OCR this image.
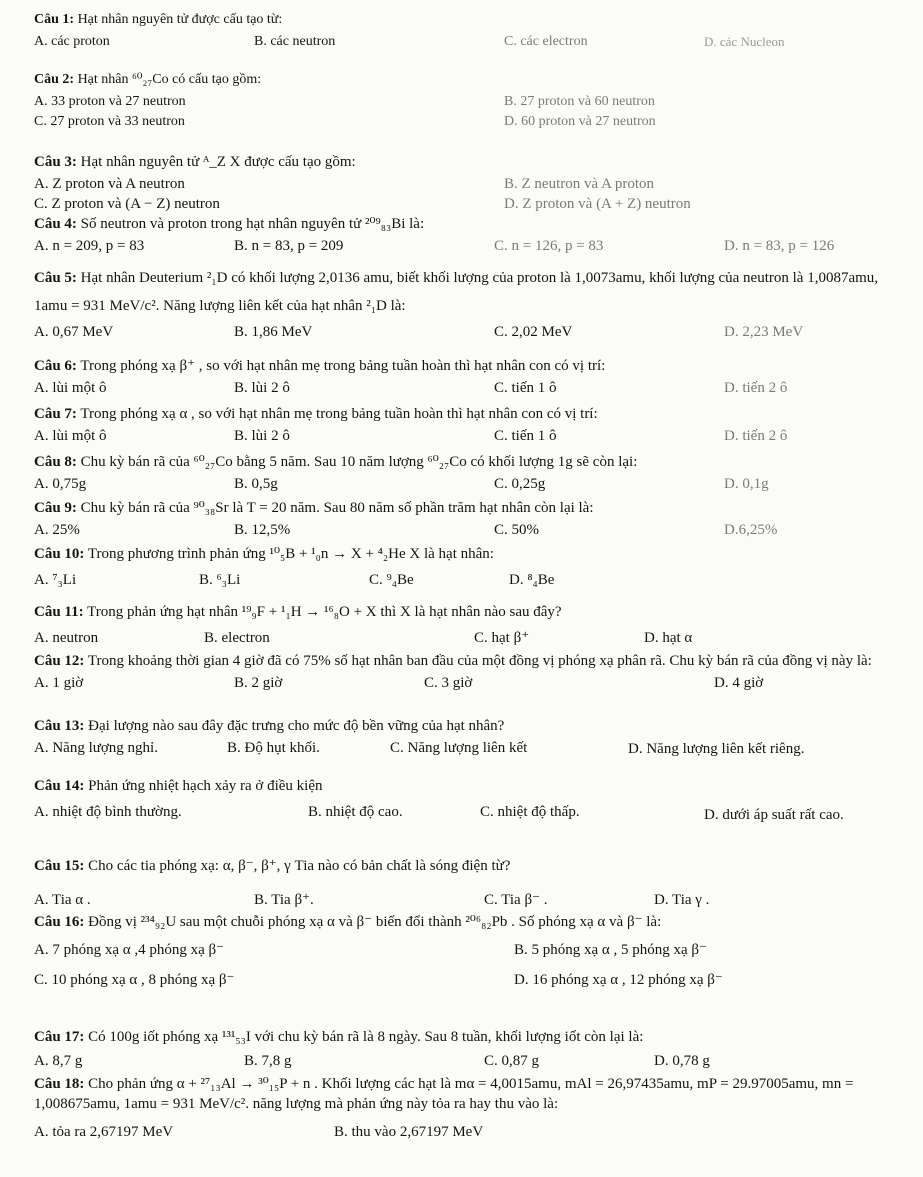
Câu 1: Hạt nhân nguyên tử được cấu tạo từ:
A. các proton	B. các neutron	C. các electron	D. các Nucleon
Câu 2: Hạt nhân ⁶⁰₂₇Co có cấu tạo gồm:
A. 33 proton và 27 neutron	B. 27 proton và 60 neutron
C. 27 proton và 33 neutron	D. 60 proton và 27 neutron
Câu 3: Hạt nhân nguyên tử ᴬ_Z X được cấu tạo gồm:
A. Z proton và A neutron	B. Z neutron và A proton
C. Z proton và (A − Z) neutron	D. Z proton và (A + Z) neutron
Câu 4: Số neutron và proton trong hạt nhân nguyên tử ²⁰⁹₈₃Bi là:
A. n = 209, p = 83	B. n = 83, p = 209	C. n = 126, p = 83	D. n = 83, p = 126
Câu 5: Hạt nhân Deuterium ²₁D có khối lượng 2,0136 amu, biết khối lượng của proton là 1,0073amu, khối lượng của neutron là 1,0087amu, 1amu = 931 MeV/c². Năng lượng liên kết của hạt nhân ²₁D là:
A. 0,67 MeV	B. 1,86 MeV	C. 2,02 MeV	D. 2,23 MeV
Câu 6: Trong phóng xạ β⁺ , so với hạt nhân mẹ trong bảng tuần hoàn thì hạt nhân con có vị trí:
A. lùi một ô	B. lùi 2 ô	C. tiến 1 ô	D. tiến 2 ô
Câu 7: Trong phóng xạ α , so với hạt nhân mẹ trong bảng tuần hoàn thì hạt nhân con có vị trí:
A. lùi một ô	B. lùi 2 ô	C. tiến 1 ô	D. tiến 2 ô
Câu 8: Chu kỳ bán rã của ⁶⁰₂₇Co bằng 5 năm. Sau 10 năm lượng ⁶⁰₂₇Co có khối lượng 1g sẽ còn lại:
A. 0,75g	B. 0,5g	C. 0,25g	D. 0,1g
Câu 9: Chu kỳ bán rã của ⁹⁰₃₈Sr là T = 20 năm. Sau 80 năm số phần trăm hạt nhân còn lại là:
A. 25%	B. 12,5%	C. 50%	D.6,25%
Câu 10: Trong phương trình phản ứng ¹⁰₅B + ¹₀n → X + ⁴₂He X là hạt nhân:
A. ⁷₃Li	B. ⁶₃Li	C. ⁹₄Be	D. ⁸₄Be
Câu 11: Trong phản ứng hạt nhân ¹⁹₉F + ¹₁H → ¹⁶₈O + X thì X là hạt nhân nào sau đây?
A. neutron	B. electron	C. hạt β⁺	D. hạt α
Câu 12: Trong khoảng thời gian 4 giờ đã có 75% số hạt nhân ban đầu của một đồng vị phóng xạ phân rã. Chu kỳ bán rã của đồng vị này là:
A. 1 giờ	B. 2 giờ	C. 3 giờ	D. 4 giờ
Câu 13: Đại lượng nào sau đây đặc trưng cho mức độ bền vững của hạt nhân?
A. Năng lượng nghỉ.	B. Độ hụt khối.	C. Năng lượng liên kết	D. Năng lượng liên kết riêng.
Câu 14: Phản ứng nhiệt hạch xảy ra ở điều kiện
A. nhiệt độ bình thường.	B. nhiệt độ cao.	C. nhiệt độ thấp.	D. dưới áp suất rất cao.
Câu 15: Cho các tia phóng xạ: α, β⁻, β⁺, γ Tia nào có bản chất là sóng điện từ?
A. Tia α .	B. Tia β⁺.	C. Tia β⁻ .	D. Tia γ .
Câu 16: Đồng vị ²³⁴₉₂U sau một chuỗi phóng xạ α và β⁻ biến đổi thành ²⁰⁶₈₂Pb . Số phóng xạ α và β⁻ là:
A. 7 phóng xạ α ,4 phóng xạ β⁻	B. 5 phóng xạ α , 5 phóng xạ β⁻
C. 10 phóng xạ α , 8 phóng xạ β⁻	D. 16 phóng xạ α , 12 phóng xạ β⁻
Câu 17: Có 100g iốt phóng xạ ¹³¹₅₃I với chu kỳ bán rã là 8 ngày. Sau 8 tuần, khối lượng iốt còn lại là:
A. 8,7 g	B. 7,8 g	C. 0,87 g	D. 0,78 g
Câu 18: Cho phản ứng α + ²⁷₁₃Al → ³⁰₁₅P + n . Khối lượng các hạt là mα = 4,0015amu, mAl = 26,97435amu, mP = 29.97005amu, mn = 1,008675amu, 1amu = 931 MeV/c². năng lượng mà phản ứng này tỏa ra hay thu vào là:
A. tỏa ra 2,67197 MeV	B. thu vào 2,67197 MeV
